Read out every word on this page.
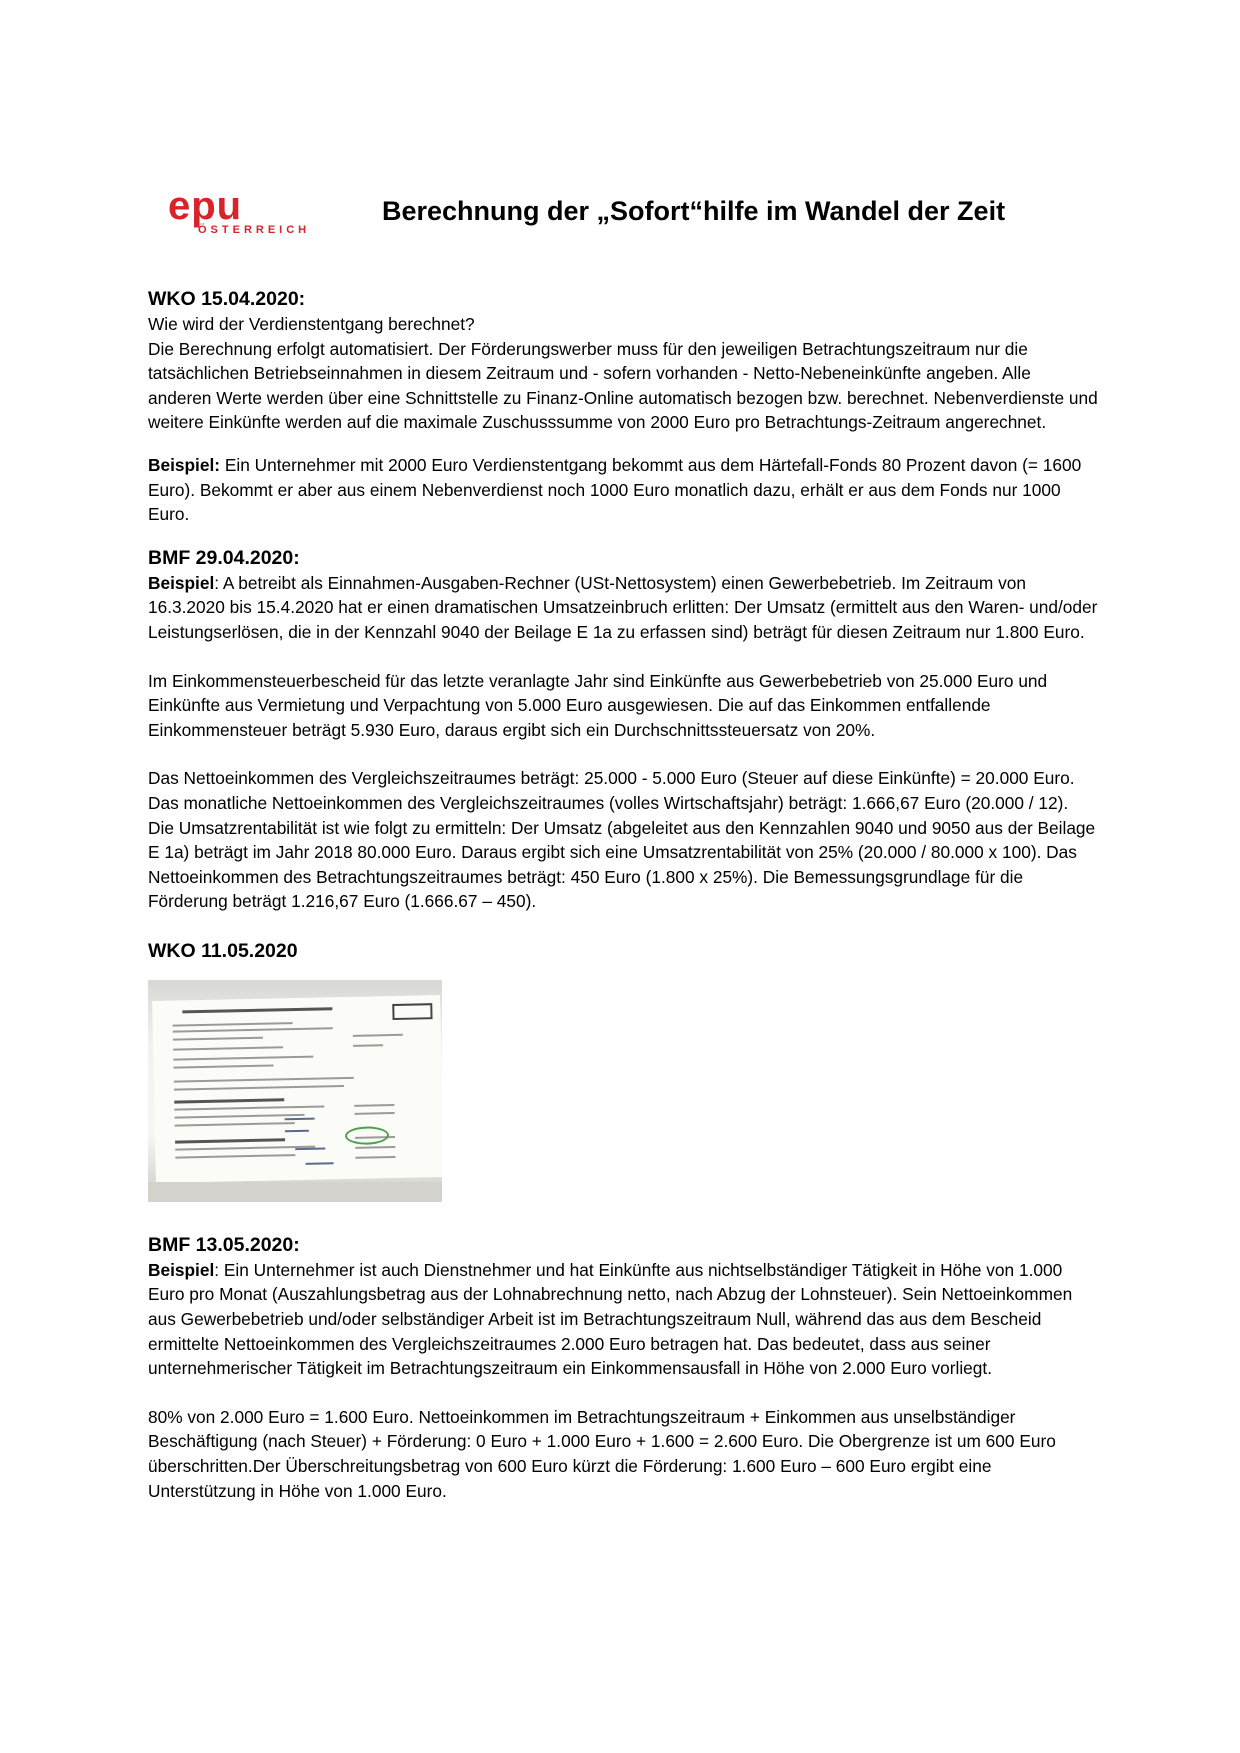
epu
ÖSTERREICH
Berechnung der „Sofort“hilfe im Wandel der Zeit
WKO 15.04.2020:

Wie wird der Verdienstentgang berechnet?

Die Berechnung erfolgt automatisiert. Der Förderungswerber muss für den jeweiligen Betrachtungszeitraum nur die tatsächlichen Betriebseinnahmen in diesem Zeitraum und - sofern vorhanden - Netto-Nebeneinkünfte angeben. Alle anderen Werte werden über eine Schnittstelle zu Finanz-Online automatisch bezogen bzw. berechnet. Nebenverdienste und weitere Einkünfte werden auf die maximale Zuschusssumme von 2000 Euro pro Betrachtungs-Zeitraum angerechnet.

Beispiel: Ein Unternehmer mit 2000 Euro Verdienstentgang bekommt aus dem Härtefall-Fonds 80 Prozent davon (= 1600 Euro). Bekommt er aber aus einem Nebenverdienst noch 1000 Euro monatlich dazu, erhält er aus dem Fonds nur 1000 Euro.

BMF 29.04.2020:

Beispiel: A betreibt als Einnahmen-Ausgaben-Rechner (USt-Nettosystem) einen Gewerbebetrieb. Im Zeitraum von 16.3.2020 bis 15.4.2020 hat er einen dramatischen Umsatzeinbruch erlitten: Der Umsatz (ermittelt aus den Waren- und/oder Leistungserlösen, die in der Kennzahl 9040 der Beilage E 1a zu erfassen sind) beträgt für diesen Zeitraum nur 1.800 Euro.

Im Einkommensteuerbescheid für das letzte veranlagte Jahr sind Einkünfte aus Gewerbebetrieb von 25.000 Euro und Einkünfte aus Vermietung und Verpachtung von 5.000 Euro ausgewiesen. Die auf das Einkommen entfallende Einkommensteuer beträgt 5.930 Euro, daraus ergibt sich ein Durchschnittssteuersatz von 20%.

Das Nettoeinkommen des Vergleichszeitraumes beträgt: 25.000 - 5.000 Euro (Steuer auf diese Einkünfte) = 20.000 Euro. Das monatliche Nettoeinkommen des Vergleichszeitraumes (volles Wirtschaftsjahr) beträgt: 1.666,67 Euro (20.000 / 12). Die Umsatzrentabilität ist wie folgt zu ermitteln: Der Umsatz (abgeleitet aus den Kennzahlen 9040 und 9050 aus der Beilage E 1a) beträgt im Jahr 2018 80.000 Euro. Daraus ergibt sich eine Umsatzrentabilität von 25% (20.000 / 80.000 x 100). Das Nettoeinkommen des Betrachtungszeitraumes beträgt: 450 Euro (1.800 x 25%). Die Bemessungsgrundlage für die Förderung beträgt 1.216,67 Euro (1.666.67 – 450).

WKO 11.05.2020
BMF 13.05.2020:

Beispiel: Ein Unternehmer ist auch Dienstnehmer und hat Einkünfte aus nichtselbständiger Tätigkeit in Höhe von 1.000 Euro pro Monat (Auszahlungsbetrag aus der Lohnabrechnung netto, nach Abzug der Lohnsteuer). Sein Nettoeinkommen aus Gewerbebetrieb und/oder selbständiger Arbeit ist im Betrachtungszeitraum Null, während das aus dem Bescheid ermittelte Nettoeinkommen des Vergleichszeitraumes 2.000 Euro betragen hat. Das bedeutet, dass aus seiner unternehmerischer Tätigkeit im Betrachtungszeitraum ein Einkommensausfall in Höhe von 2.000 Euro vorliegt.

80% von 2.000 Euro = 1.600 Euro. Nettoeinkommen im Betrachtungszeitraum + Einkommen aus unselbständiger Beschäftigung (nach Steuer) + Förderung: 0 Euro + 1.000 Euro + 1.600 = 2.600 Euro. Die Obergrenze ist um 600 Euro überschritten.Der Überschreitungsbetrag von 600 Euro kürzt die Förderung: 1.600 Euro – 600 Euro ergibt eine Unterstützung in Höhe von 1.000 Euro.
